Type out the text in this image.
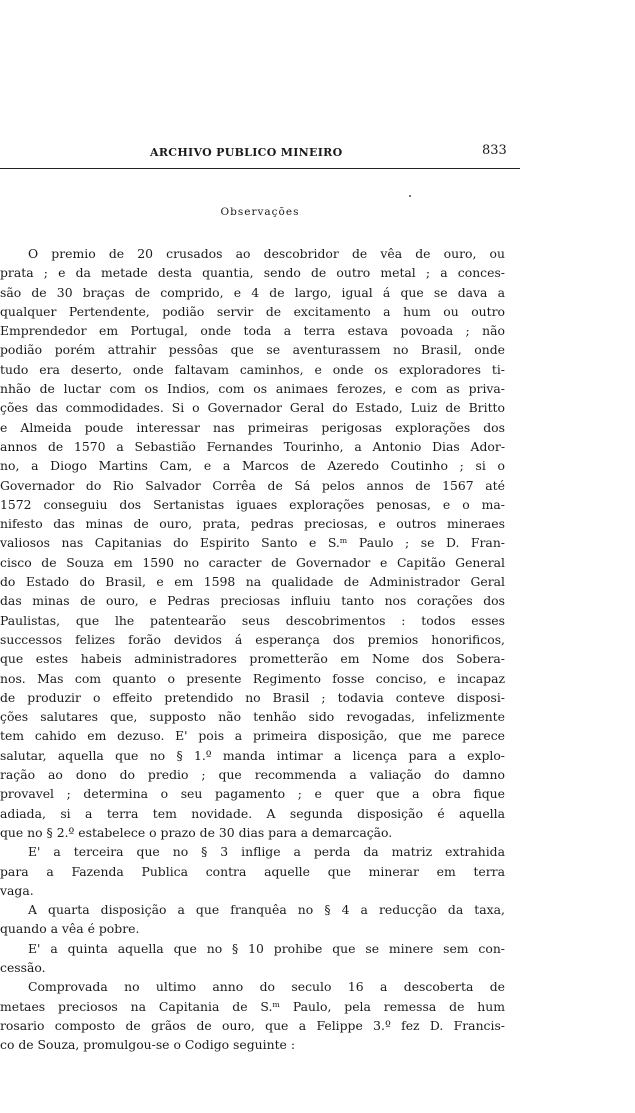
ARCHIVO PUBLICO MINEIRO	833
Observações
O premio de 20 crusados ao descobridor de vêa de ouro, ou
prata ; e da metade desta quantia, sendo de outro metal ; a conces-
são de 30 braças de comprido, e 4 de largo, igual á que se dava a
qualquer Pertendente, podião servir de excitamento a hum ou outro
Emprendedor em Portugal, onde toda a terra estava povoada ; não
podião porém attrahir pessôas que se aventurassem no Brasil, onde
tudo era deserto, onde faltavam caminhos, e onde os exploradores ti-
nhão de luctar com os Indios, com os animaes ferozes, e com as priva-
ções das commodidades. Si o Governador Geral do Estado, Luiz de Britto
e Almeida poude interessar nas primeiras perigosas explorações dos
annos de 1570 a Sebastião Fernandes Tourinho, a Antonio Dias Ador-
no, a Diogo Martins Cam, e a Marcos de Azeredo Coutinho ; si o
Governador do Rio Salvador Corrêa de Sá pelos annos de 1567 até
1572 conseguiu dos Sertanistas iguaes explorações penosas, e o ma-
nifesto das minas de ouro, prata, pedras preciosas, e outros mineraes
valiosos nas Capitanias do Espirito Santo e S.ᵐ Paulo ; se D. Fran-
cisco de Souza em 1590 no caracter de Governador e Capitão General
do Estado do Brasil, e em 1598 na qualidade de Administrador Geral
das minas de ouro, e Pedras preciosas influiu tanto nos corações dos
Paulistas, que lhe patentearão seus descobrimentos : todos esses
successos felizes forão devidos á esperança dos premios honorificos,
que estes habeis administradores prometterão em Nome dos Sobera-
nos. Mas com quanto o presente Regimento fosse conciso, e incapaz
de produzir o effeito pretendido no Brasil ; todavia conteve disposi-
ções salutares que, supposto não tenhão sido revogadas, infelizmente
tem cahido em dezuso. E' pois a primeira disposição, que me parece
salutar, aquella que no § 1.º manda intimar a licença para a explo-
ração ao dono do predio ; que recommenda a valiação do damno
provavel ; determina o seu pagamento ; e quer que a obra fique
adiada, si a terra tem novidade. A segunda disposição é aquella
que no § 2.º estabelece o prazo de 30 dias para a demarcação.
E' a terceira que no § 3 inflige a perda da matriz extrahida
para a Fazenda Publica contra aquelle que minerar em terra
vaga.
A quarta disposição a que franquêa no § 4 a reducção da taxa,
quando a vêa é pobre.
E' a quinta aquella que no § 10 prohibe que se minere sem con-
cessão.
Comprovada no ultimo anno do seculo 16 a descoberta de
metaes preciosos na Capitania de S.ᵐ Paulo, pela remessa de hum
rosario composto de grãos de ouro, que a Felippe 3.º fez D. Francis-
co de Souza, promulgou-se o Codigo seguinte :
